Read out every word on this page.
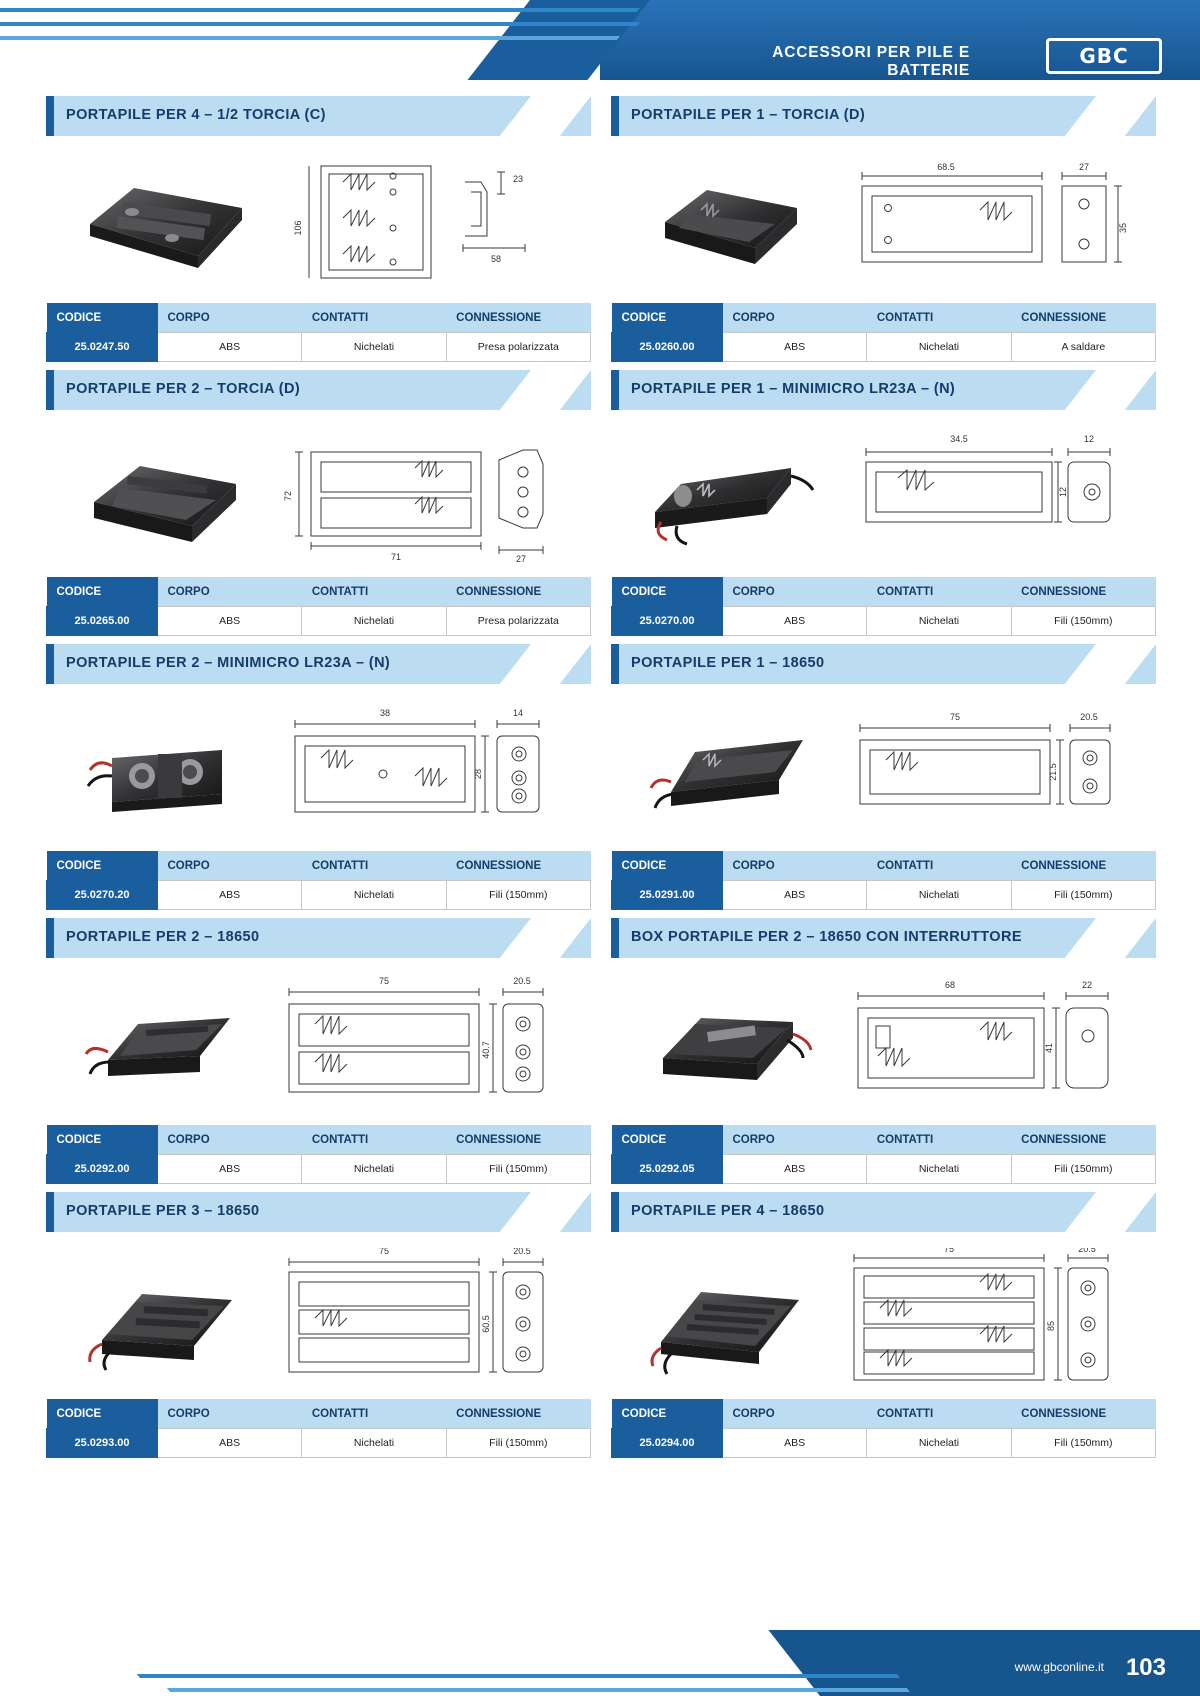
ACCESSORI PER PILE E BATTERIE
GBC
PORTAPILE PER 4 – 1/2 TORCIA (C)
106
23
58
CODICE	CORPO	CONTATTI	CONNESSIONE
25.0247.50	ABS	Nichelati	Presa polarizzata
PORTAPILE PER 1 – TORCIA (D)
68.5	27
35
CODICE	CORPO	CONTATTI	CONNESSIONE
25.0260.00	ABS	Nichelati	A saldare
PORTAPILE PER 2 – TORCIA (D)
72
71	27
CODICE	CORPO	CONTATTI	CONNESSIONE
25.0265.00	ABS	Nichelati	Presa polarizzata
PORTAPILE PER 1 – MINIMICRO LR23A – (N)
34.5	12
12
CODICE	CORPO	CONTATTI	CONNESSIONE
25.0270.00	ABS	Nichelati	Fili (150mm)
PORTAPILE PER 2 – MINIMICRO LR23A – (N)
38	14
28
CODICE	CORPO	CONTATTI	CONNESSIONE
25.0270.20	ABS	Nichelati	Fili (150mm)
PORTAPILE PER 1 – 18650
75	20.5
21.5
CODICE	CORPO	CONTATTI	CONNESSIONE
25.0291.00	ABS	Nichelati	Fili (150mm)
PORTAPILE PER 2 – 18650
75	20.5
40.7
CODICE	CORPO	CONTATTI	CONNESSIONE
25.0292.00	ABS	Nichelati	Fili (150mm)
BOX PORTAPILE PER 2 – 18650 CON INTERRUTTORE
68	22
41
CODICE	CORPO	CONTATTI	CONNESSIONE
25.0292.05	ABS	Nichelati	Fili (150mm)
PORTAPILE PER 3 – 18650
75	20.5
60.5
CODICE	CORPO	CONTATTI	CONNESSIONE
25.0293.00	ABS	Nichelati	Fili (150mm)
PORTAPILE PER 4 – 18650
75	20.5
85
CODICE	CORPO	CONTATTI	CONNESSIONE
25.0294.00	ABS	Nichelati	Fili (150mm)
www.gbconline.it 103
